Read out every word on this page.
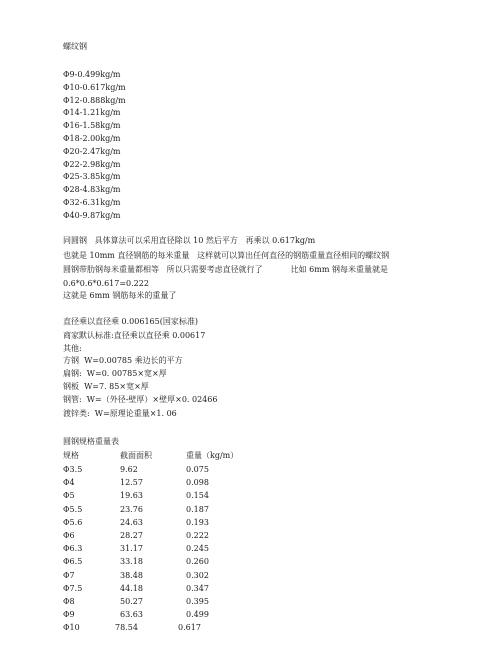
螺纹钢
Φ9-0.499kg/m
Φ10-0.617kg/m
Φ12-0.888kg/m
Φ14-1.21kg/m
Φ16-1.58kg/m
Φ18-2.00kg/m
Φ20-2.47kg/m
Φ22-2.98kg/m
Φ25-3.85kg/m
Φ28-4.83kg/m
Φ32-6.31kg/m
Φ40-9.87kg/m
同圆钢   具体算法可以采用直径除以 10 然后平方   再乘以 0.617kg/m
也就是 10mm 直径钢筋的每米重量   这样就可以算出任何直径的钢筋重量直径相同的螺纹钢
圆钢带肋钢每米重量都相等   所以只需要考虑直径就行了           比如 6mm 钢每米重量就是
0.6*0.6*0.617=0.222
这就是 6mm 钢筋每米的重量了
直径乘以直径乘 0.006165(国家标准)
商家默认标准:直径乘以直径乘 0.00617
其他:
方钢  W=0.00785 乘边长的平方
扁钢:  W=0. 00785×宽×厚
钢板  W=7. 85×宽×厚
钢管:  W=（外径-壁厚）×壁厚×0. 02466
渡锌类:  W=原理论重量×1. 06
圆钢规格重量表
规格	截面面积	重量（kg/m）
Φ3.5	9.62	0.075
Φ4	12.57	0.098
Φ5	19.63	0.154
Φ5.5	23.76	0.187
Φ5.6	24.63	0.193
Φ6	28.27	0.222
Φ6.3	31.17	0.245
Φ6.5	33.18	0.260
Φ7	38.48	0.302
Φ7.5	44.18	0.347
Φ8	50.27	0.395
Φ9	63.63	0.499
Φ10	78.54	0.617
